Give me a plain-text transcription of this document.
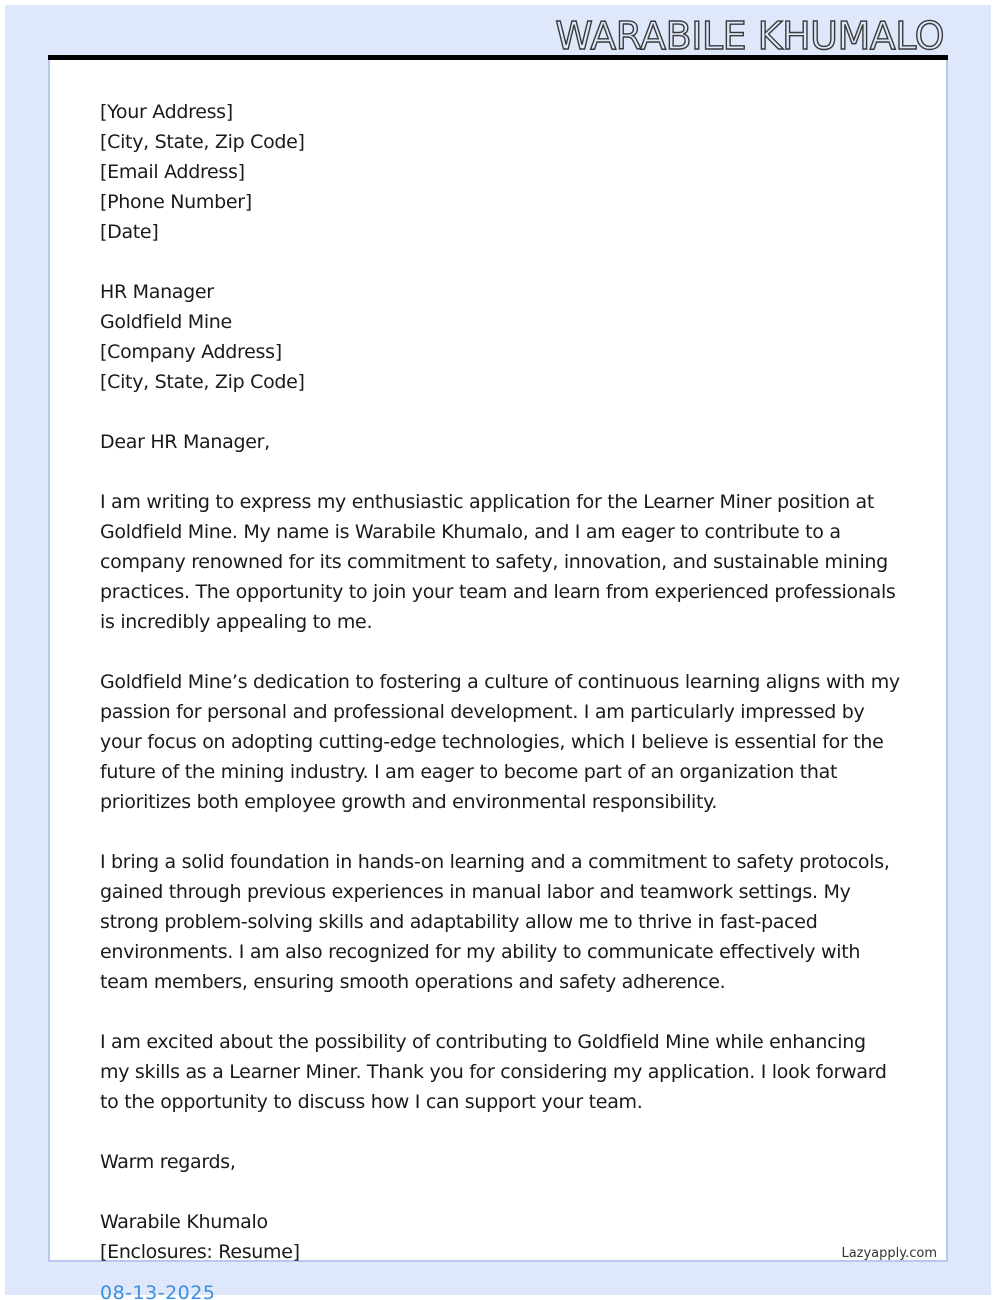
WARABILE KHUMALO
[Your Address]
[City, State, Zip Code]
[Email Address]
[Phone Number]
[Date]
HR Manager
Goldfield Mine
[Company Address]
[City, State, Zip Code]
Dear HR Manager,

I am writing to express my enthusiastic application for the Learner Miner position at Goldfield Mine. My name is Warabile Khumalo, and I am eager to contribute to a company renowned for its commitment to safety, innovation, and sustainable mining practices. The opportunity to join your team and learn from experienced professionals is incredibly appealing to me.

Goldfield Mine’s dedication to fostering a culture of continuous learning aligns with my passion for personal and professional development. I am particularly impressed by your focus on adopting cutting-edge technologies, which I believe is essential for the future of the mining industry. I am eager to become part of an organization that prioritizes both employee growth and environmental responsibility.

I bring a solid foundation in hands-on learning and a commitment to safety protocols, gained through previous experiences in manual labor and teamwork settings. My strong problem-solving skills and adaptability allow me to thrive in fast-paced environments. I am also recognized for my ability to communicate effectively with team members, ensuring smooth operations and safety adherence.

I am excited about the possibility of contributing to Goldfield Mine while enhancing my skills as a Learner Miner. Thank you for considering my application. I look forward to the opportunity to discuss how I can support your team.

Warm regards,
Warabile Khumalo
[Enclosures: Resume]	Lazyapply.com
08-13-2025
